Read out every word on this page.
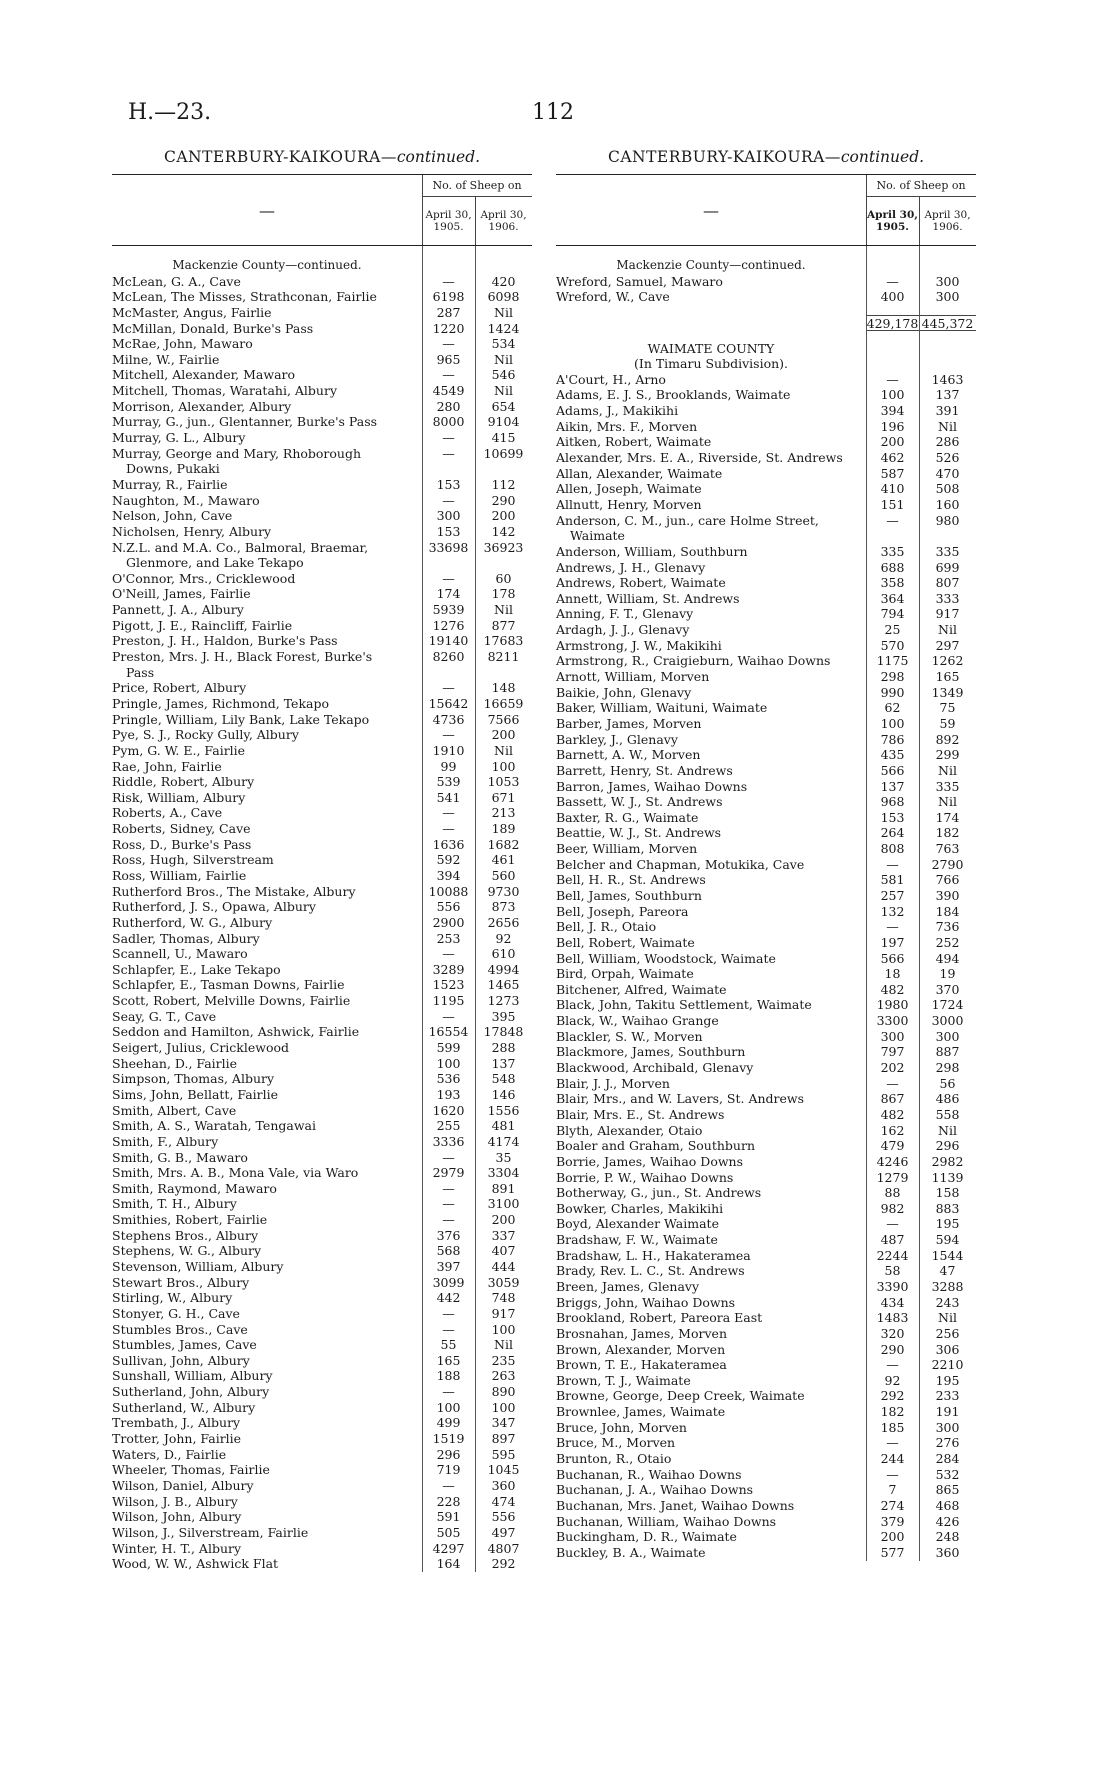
H.—23.	112
CANTERBURY-KAIKOURA—continued.
—
No. of Sheep on
April 30,
1905.
April 30,
1906.
Mackenzie County—continued.
McLean, G. A., Cave	—	420
McLean, The Misses, Strathconan, Fairlie	6198	6098
McMaster, Angus, Fairlie	287	Nil
McMillan, Donald, Burke's Pass	1220	1424
McRae, John, Mawaro	—	534
Milne, W., Fairlie	965	Nil
Mitchell, Alexander, Mawaro	—	546
Mitchell, Thomas, Waratahi, Albury	4549	Nil
Morrison, Alexander, Albury	280	654
Murray, G., jun., Glentanner, Burke's Pass	8000	9104
Murray, G. L., Albury	—	415
Murray, George and Mary, Rhoborough	—	10699
Downs, Pukaki
Murray, R., Fairlie	153	112
Naughton, M., Mawaro	—	290
Nelson, John, Cave	300	200
Nicholsen, Henry, Albury	153	142
N.Z.L. and M.A. Co., Balmoral, Braemar,	33698	36923
Glenmore, and Lake Tekapo
O'Connor, Mrs., Cricklewood	—	60
O'Neill, James, Fairlie	174	178
Pannett, J. A., Albury	5939	Nil
Pigott, J. E., Raincliff, Fairlie	1276	877
Preston, J. H., Haldon, Burke's Pass	19140	17683
Preston, Mrs. J. H., Black Forest, Burke's	8260	8211
Pass
Price, Robert, Albury	—	148
Pringle, James, Richmond, Tekapo	15642	16659
Pringle, William, Lily Bank, Lake Tekapo	4736	7566
Pye, S. J., Rocky Gully, Albury	—	200
Pym, G. W. E., Fairlie	1910	Nil
Rae, John, Fairlie	99	100
Riddle, Robert, Albury	539	1053
Risk, William, Albury	541	671
Roberts, A., Cave	—	213
Roberts, Sidney, Cave	—	189
Ross, D., Burke's Pass	1636	1682
Ross, Hugh, Silverstream	592	461
Ross, William, Fairlie	394	560
Rutherford Bros., The Mistake, Albury	10088	9730
Rutherford, J. S., Opawa, Albury	556	873
Rutherford, W. G., Albury	2900	2656
Sadler, Thomas, Albury	253	92
Scannell, U., Mawaro	—	610
Schlapfer, E., Lake Tekapo	3289	4994
Schlapfer, E., Tasman Downs, Fairlie	1523	1465
Scott, Robert, Melville Downs, Fairlie	1195	1273
Seay, G. T., Cave	—	395
Seddon and Hamilton, Ashwick, Fairlie	16554	17848
Seigert, Julius, Cricklewood	599	288
Sheehan, D., Fairlie	100	137
Simpson, Thomas, Albury	536	548
Sims, John, Bellatt, Fairlie	193	146
Smith, Albert, Cave	1620	1556
Smith, A. S., Waratah, Tengawai	255	481
Smith, F., Albury	3336	4174
Smith, G. B., Mawaro	—	35
Smith, Mrs. A. B., Mona Vale, via Waro	2979	3304
Smith, Raymond, Mawaro	—	891
Smith, T. H., Albury	—	3100
Smithies, Robert, Fairlie	—	200
Stephens Bros., Albury	376	337
Stephens, W. G., Albury	568	407
Stevenson, William, Albury	397	444
Stewart Bros., Albury	3099	3059
Stirling, W., Albury	442	748
Stonyer, G. H., Cave	—	917
Stumbles Bros., Cave	—	100
Stumbles, James, Cave	55	Nil
Sullivan, John, Albury	165	235
Sunshall, William, Albury	188	263
Sutherland, John, Albury	—	890
Sutherland, W., Albury	100	100
Trembath, J., Albury	499	347
Trotter, John, Fairlie	1519	897
Waters, D., Fairlie	296	595
Wheeler, Thomas, Fairlie	719	1045
Wilson, Daniel, Albury	—	360
Wilson, J. B., Albury	228	474
Wilson, John, Albury	591	556
Wilson, J., Silverstream, Fairlie	505	497
Winter, H. T., Albury	4297	4807
Wood, W. W., Ashwick Flat	164	292
CANTERBURY-KAIKOURA—continued.
—
No. of Sheep on
April 30,
1905.
April 30,
1906.
Mackenzie County—continued.
Wreford, Samuel, Mawaro	—	300
Wreford, W., Cave	400	300
429,178 445,372
WAIMATE COUNTY
(In Timaru Subdivision).
A'Court, H., Arno	—	1463
Adams, E. J. S., Brooklands, Waimate	100	137
Adams, J., Makikihi	394	391
Aikin, Mrs. F., Morven	196	Nil
Aitken, Robert, Waimate	200	286
Alexander, Mrs. E. A., Riverside, St. Andrews	462	526
Allan, Alexander, Waimate	587	470
Allen, Joseph, Waimate	410	508
Allnutt, Henry, Morven	151	160
Anderson, C. M., jun., care Holme Street,	—	980
Waimate
Anderson, William, Southburn	335	335
Andrews, J. H., Glenavy	688	699
Andrews, Robert, Waimate	358	807
Annett, William, St. Andrews	364	333
Anning, F. T., Glenavy	794	917
Ardagh, J. J., Glenavy	25	Nil
Armstrong, J. W., Makikihi	570	297
Armstrong, R., Craigieburn, Waihao Downs	1175	1262
Arnott, William, Morven	298	165
Baikie, John, Glenavy	990	1349
Baker, William, Waituni, Waimate	62	75
Barber, James, Morven	100	59
Barkley, J., Glenavy	786	892
Barnett, A. W., Morven	435	299
Barrett, Henry, St. Andrews	566	Nil
Barron, James, Waihao Downs	137	335
Bassett, W. J., St. Andrews	968	Nil
Baxter, R. G., Waimate	153	174
Beattie, W. J., St. Andrews	264	182
Beer, William, Morven	808	763
Belcher and Chapman, Motukika, Cave	—	2790
Bell, H. R., St. Andrews	581	766
Bell, James, Southburn	257	390
Bell, Joseph, Pareora	132	184
Bell, J. R., Otaio	—	736
Bell, Robert, Waimate	197	252
Bell, William, Woodstock, Waimate	566	494
Bird, Orpah, Waimate	18	19
Bitchener, Alfred, Waimate	482	370
Black, John, Takitu Settlement, Waimate	1980	1724
Black, W., Waihao Grange	3300	3000
Blackler, S. W., Morven	300	300
Blackmore, James, Southburn	797	887
Blackwood, Archibald, Glenavy	202	298
Blair, J. J., Morven	—	56
Blair, Mrs., and W. Lavers, St. Andrews	867	486
Blair, Mrs. E., St. Andrews	482	558
Blyth, Alexander, Otaio	162	Nil
Boaler and Graham, Southburn	479	296
Borrie, James, Waihao Downs	4246	2982
Borrie, P. W., Waihao Downs	1279	1139
Botherway, G., jun., St. Andrews	88	158
Bowker, Charles, Makikihi	982	883
Boyd, Alexander Waimate	—	195
Bradshaw, F. W., Waimate	487	594
Bradshaw, L. H., Hakateramea	2244	1544
Brady, Rev. L. C., St. Andrews	58	47
Breen, James, Glenavy	3390	3288
Briggs, John, Waihao Downs	434	243
Brookland, Robert, Pareora East	1483	Nil
Brosnahan, James, Morven	320	256
Brown, Alexander, Morven	290	306
Brown, T. E., Hakateramea	—	2210
Brown, T. J., Waimate	92	195
Browne, George, Deep Creek, Waimate	292	233
Brownlee, James, Waimate	182	191
Bruce, John, Morven	185	300
Bruce, M., Morven	—	276
Brunton, R., Otaio	244	284
Buchanan, R., Waihao Downs	—	532
Buchanan, J. A., Waihao Downs	7	865
Buchanan, Mrs. Janet, Waihao Downs	274	468
Buchanan, William, Waihao Downs	379	426
Buckingham, D. R., Waimate	200	248
Buckley, B. A., Waimate	577	360
